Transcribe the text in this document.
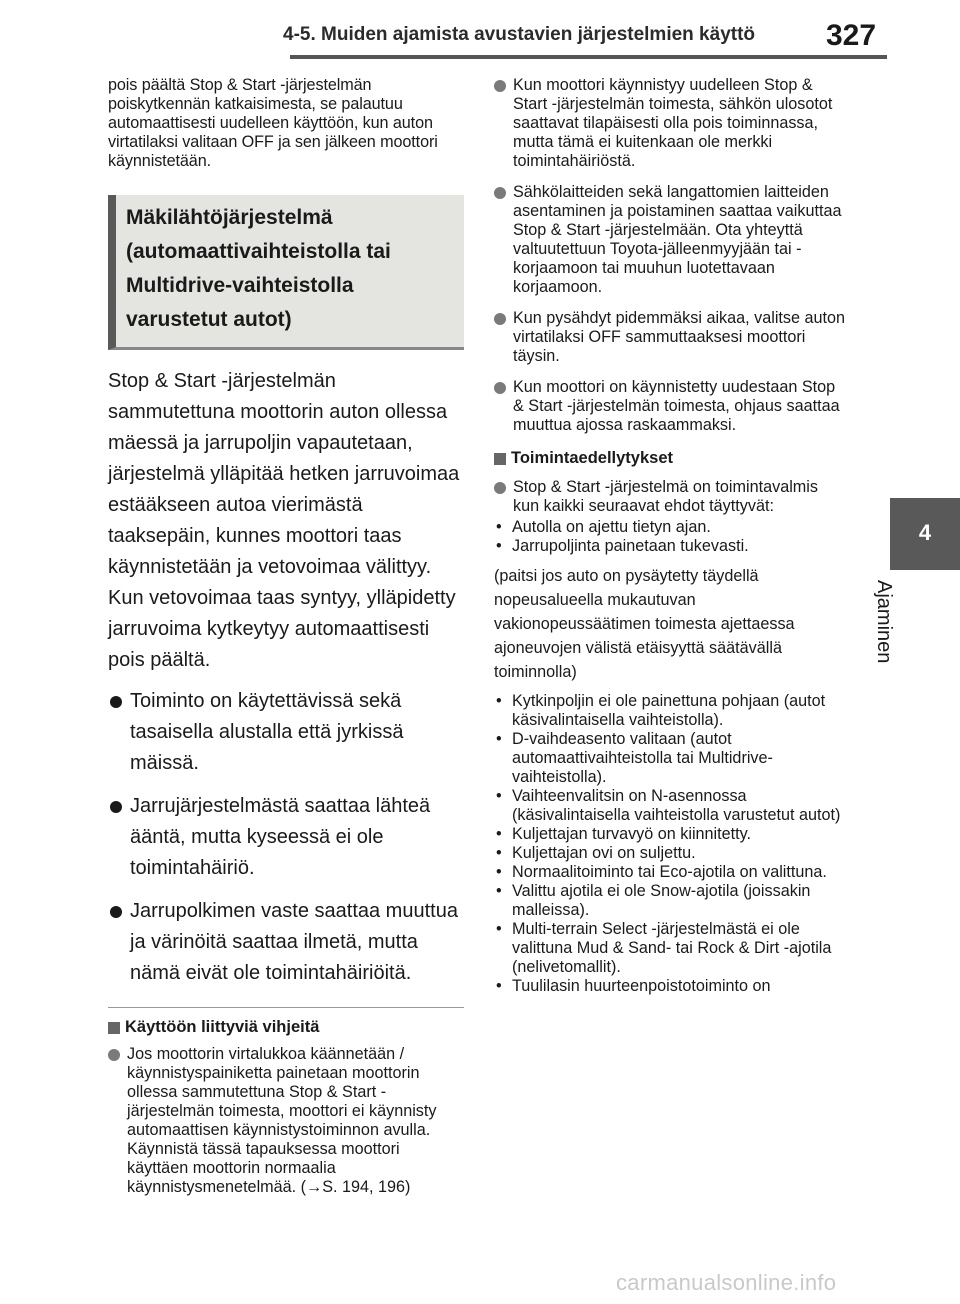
4-5. Muiden ajamista avustavien järjestelmien käyttö 327
4
Ajaminen

pois päältä Stop & Start -järjestelmän poiskytkennän katkaisimesta, se palautuu automaattisesti uudelleen käyttöön, kun auton virtatilaksi valitaan OFF ja sen jälkeen moottori käynnistetään.

Mäkilähtöjärjestelmä
(automaattivaihteistolla tai
Multidrive-vaihteistolla
varustetut autot)

Stop & Start -järjestelmän sammutettuna moottorin auton ollessa mäessä ja jarrupoljin vapautetaan, järjestelmä ylläpitää hetken jarruvoimaa estääkseen autoa vierimästä taaksepäin, kunnes moottori taas käynnistetään ja vetovoimaa välittyy. Kun vetovoimaa taas syntyy, ylläpidetty jarruvoima kytkeytyy automaattisesti pois päältä.

Toiminto on käytettävissä sekä tasaisella alustalla että jyrkissä mäissä.
Jarrujärjestelmästä saattaa lähteä ääntä, mutta kyseessä ei ole toimintahäiriö.
Jarrupolkimen vaste saattaa muuttua ja värinöitä saattaa ilmetä, mutta nämä eivät ole toimintahäiriöitä.
Käyttöön liittyviä vihjeitä
Jos moottorin virtalukkoa käännetään / käynnistyspainiketta painetaan moottorin ollessa sammutettuna Stop & Start -järjestelmän toimesta, moottori ei käynnisty automaattisen käynnistystoiminnon avulla. Käynnistä tässä tapauksessa moottori käyttäen moottorin normaalia käynnistysmenetelmää. (→S. 194, 196)
Kun moottori käynnistyy uudelleen Stop & Start -järjestelmän toimesta, sähkön ulosotot saattavat tilapäisesti olla pois toiminnassa, mutta tämä ei kuitenkaan ole merkki toimintahäiriöstä.
Sähkölaitteiden sekä langattomien laitteiden asentaminen ja poistaminen saattaa vaikuttaa Stop & Start -järjestelmään. Ota yhteyttä valtuutettuun Toyota-jälleenmyyjään tai -korjaamoon tai muuhun luotettavaan korjaamoon.
Kun pysähdyt pidemmäksi aikaa, valitse auton virtatilaksi OFF sammuttaaksesi moottori täysin.
Kun moottori on käynnistetty uudestaan Stop & Start -järjestelmän toimesta, ohjaus saattaa muuttua ajossa raskaammaksi.
Toimintaedellytykset
Stop & Start -järjestelmä on toimintavalmis kun kaikki seuraavat ehdot täyttyvät:
• Autolla on ajettu tietyn ajan.
• Jarrupoljinta painetaan tukevasti.

(paitsi jos auto on pysäytetty täydellä nopeusalueella mukautuvan vakionopeussäätimen toimesta ajettaessa ajoneuvojen välistä etäisyyttä säätävällä toiminnolla)

• Kytkinpoljin ei ole painettuna pohjaan (autot käsivalintaisella vaihteistolla).
• D-vaihdeasento valitaan (autot automaattivaihteistolla tai Multidrive-vaihteistolla).
• Vaihteenvalitsin on N-asennossa (käsivalintaisella vaihteistolla varustetut autot)
• Kuljettajan turvavyö on kiinnitetty.
• Kuljettajan ovi on suljettu.
• Normaalitoiminto tai Eco-ajotila on valittuna.
• Valittu ajotila ei ole Snow-ajotila (joissakin malleissa).
• Multi-terrain Select -järjestelmästä ei ole valittuna Mud & Sand- tai Rock & Dirt -ajotila (nelivetomallit).
• Tuulilasin huurteenpoistotoiminto on
carmanualsonline.info
